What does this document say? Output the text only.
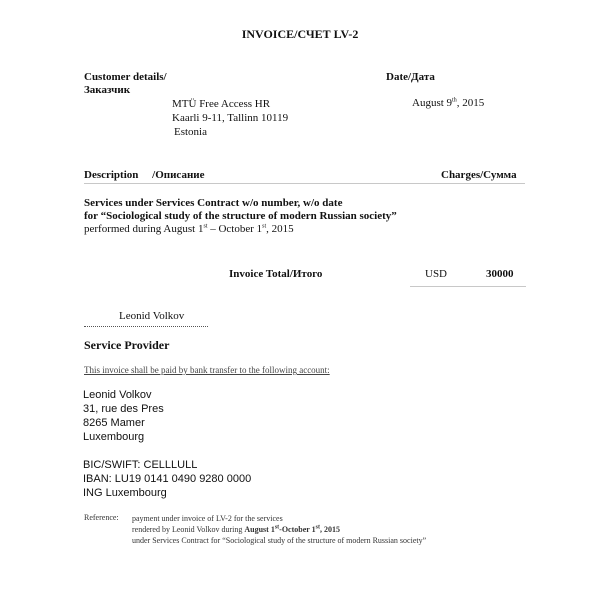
INVOICE/СЧЕТ LV-2
Customer details/
Заказчик
Date/Дата
MTÜ Free Access HR
Kaarli 9-11, Tallinn 10119
Estonia
August 9th, 2015
Description /Описание	Charges/Сумма
Services under Services Contract w/o number, w/o date
for “Sociological study of the structure of modern Russian society”
performed during August 1st – October 1st, 2015
Invoice Total/Итого	USD	30000
Leonid Volkov
Service Provider
This invoice shall be paid by bank transfer to the following account:
Leonid Volkov
31, rue des Pres
8265 Mamer
Luxembourg
BIC/SWIFT: CELLLULL
IBAN: LU19 0141 0490 9280 0000
ING Luxembourg
Reference: payment under invoice of LV-2 for the services
rendered by Leonid Volkov during August 1st-October 1st, 2015
under Services Contract for “Sociological study of the structure of modern Russian society”
